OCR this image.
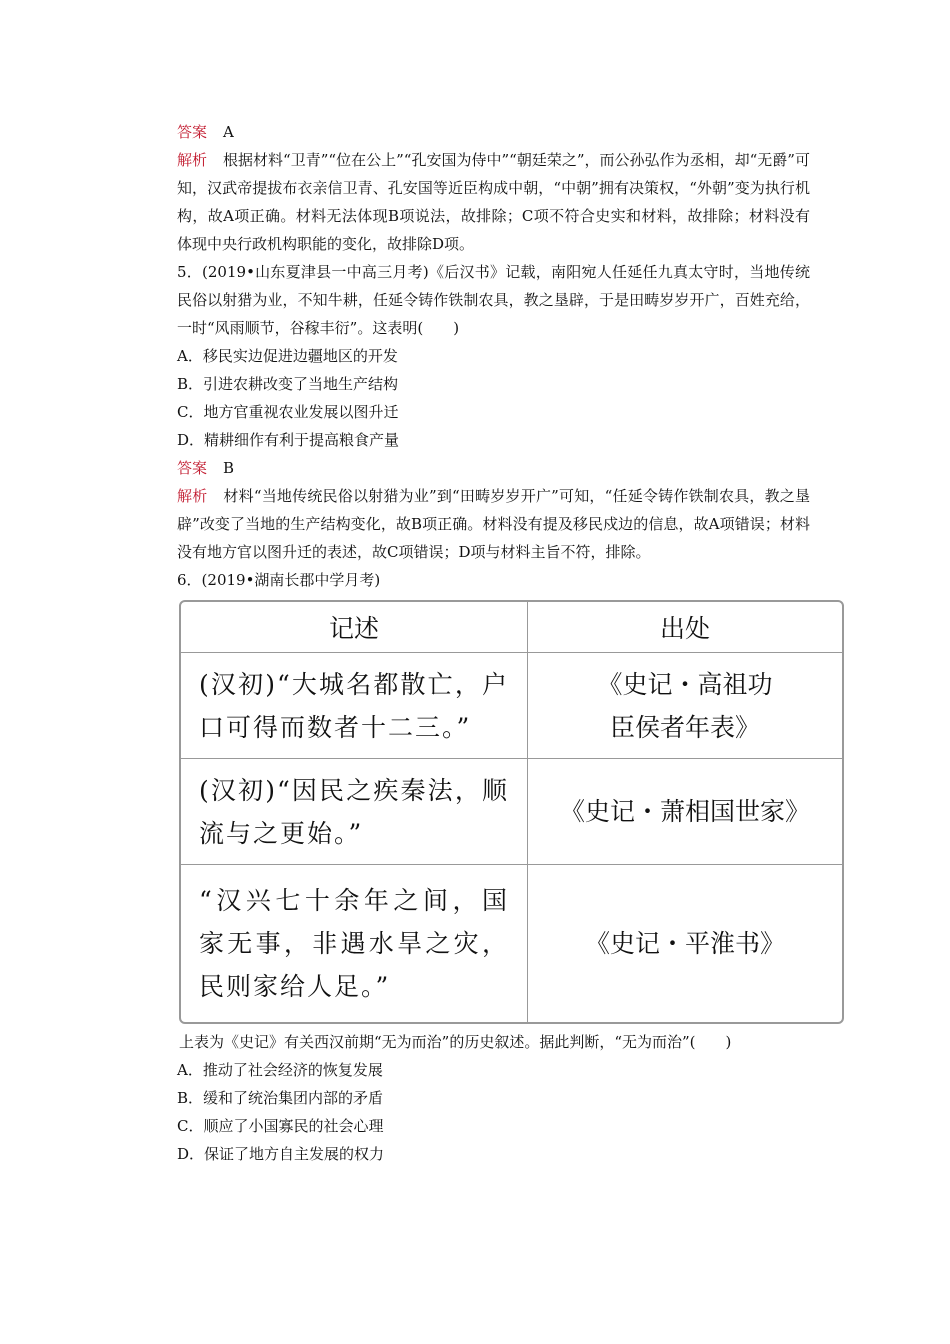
答案 A

解析 根据材料“卫青”“位在公上”“孔安国为侍中”“朝廷荣之”，而公孙弘作为丞相，却“无爵”可知，汉武帝提拔布衣亲信卫青、孔安国等近臣构成中朝，“中朝”拥有决策权，“外朝”变为执行机构，故A项正确。材料无法体现B项说法，故排除；C项不符合史实和材料，故排除；材料没有体现中央行政机构职能的变化，故排除D项。

5．(2019•山东夏津县一中高三月考)《后汉书》记载，南阳宛人任延任九真太守时，当地传统民俗以射猎为业，不知牛耕，任延令铸作铁制农具，教之垦辟，于是田畴岁岁开广，百姓充给，一时“风雨顺节，谷稼丰衍”。这表明(　　)

A．移民实边促进边疆地区的开发

B．引进农耕改变了当地生产结构

C．地方官重视农业发展以图升迁

D．精耕细作有利于提高粮食产量

答案 B

解析 材料“当地传统民俗以射猎为业”到“田畴岁岁开广”可知，“任延令铸作铁制农具，教之垦辟”改变了当地的生产结构变化，故B项正确。材料没有提及移民戍边的信息，故A项错误；材料没有地方官以图升迁的表述，故C项错误；D项与材料主旨不符，排除。

6．(2019•湖南长郡中学月考)

记述	出处
(汉初)“大城名都散亡，户口可得而数者十二三。”	《史记・高祖功
臣侯者年表》

(汉初)“因民之疾秦法，顺流与之更始。”	《史记・萧相国世家》
“汉兴七十余年之间，国家无事，非遇水旱之灾，民则家给人足。”	《史记・平淮书》

上表为《史记》有关西汉前期“无为而治”的历史叙述。据此判断，“无为而治”(　　)

A．推动了社会经济的恢复发展

B．缓和了统治集团内部的矛盾

C．顺应了小国寡民的社会心理

D．保证了地方自主发展的权力
